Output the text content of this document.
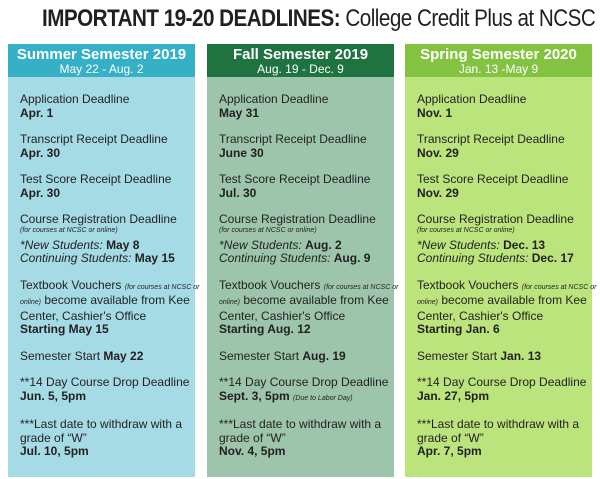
IMPORTANT 19-20 DEADLINES: College Credit Plus at NCSC
Summer Semester 2019
May 22 - Aug. 2
Application Deadline
Apr. 1
Transcript Receipt Deadline
Apr. 30
Test Score Receipt Deadline
Apr. 30
Course Registration Deadline
(for courses at NCSC or online)
*New Students: May 8
Continuing Students: May 15
Textbook Vouchers (for courses at NCSC or
online) become available from Kee
Center, Cashier's Office
Starting May 15
Semester Start May 22
**14 Day Course Drop Deadline
Jun. 5, 5pm
***Last date to withdraw with a
grade of “W”
Jul. 10, 5pm
Fall Semester 2019
Aug. 19 - Dec. 9
Application Deadline
May 31
Transcript Receipt Deadline
June 30
Test Score Receipt Deadline
Jul. 30
Course Registration Deadline
(for courses at NCSC or online)
*New Students: Aug. 2
Continuing Students: Aug. 9
Textbook Vouchers (for courses at NCSC or
online) become available from Kee
Center, Cashier's Office
Starting Aug. 12
Semester Start Aug. 19
**14 Day Course Drop Deadline
Sept. 3, 5pm (Due to Labor Day)
***Last date to withdraw with a
grade of “W”
Nov. 4, 5pm
Spring Semester 2020
Jan. 13 -May 9
Application Deadline
Nov. 1
Transcript Receipt Deadline
Nov. 29
Test Score Receipt Deadline
Nov. 29
Course Registration Deadline
(for courses at NCSC or online)
*New Students: Dec. 13
Continuing Students: Dec. 17
Textbook Vouchers (for courses at NCSC or
online) become available from Kee
Center, Cashier's Office
Starting Jan. 6
Semester Start Jan. 13
**14 Day Course Drop Deadline
Jan. 27, 5pm
***Last date to withdraw with a
grade of “W”
Apr. 7, 5pm
